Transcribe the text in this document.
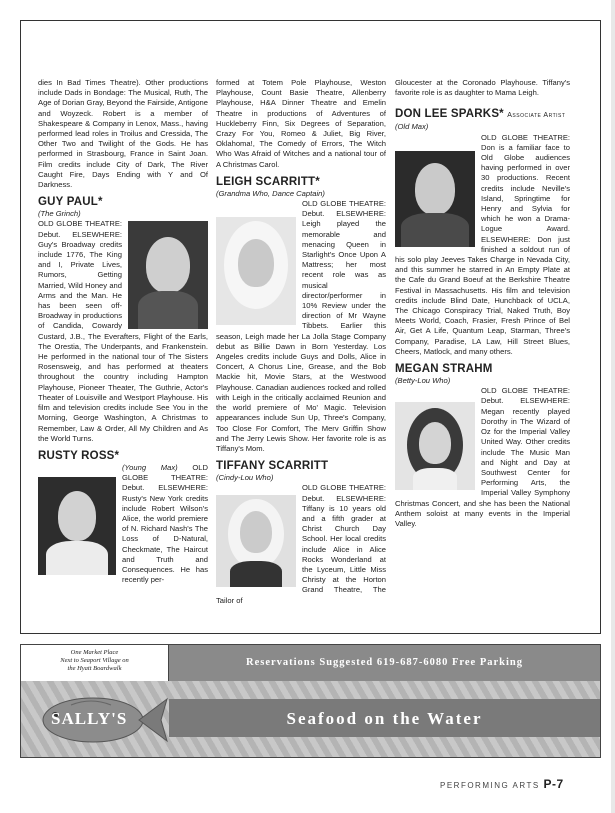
dies In Bad Times Theatre). Other productions include Dads in Bondage: The Musical, Ruth, The Age of Dorian Gray, Beyond the Fairside, Antigone and Woyzeck. Robert is a member of Shakespeare & Company in Lenox, Mass., having performed lead roles in Troilus and Cressida, The Other Two and Twilight of the Gods. He has performed in Strasbourg, France in Saint Joan. Film credits include City of Dark, The River Caught Fire, Days Ending with Y and Of Darkness.

GUY PAUL*
(The Grinch)

OLD GLOBE THEATRE: Debut. ELSEWHERE: Guy's Broadway credits include 1776, The King and I, Private Lives, Rumors, Getting Married, Wild Honey and Arms and the Man. He has been seen off-Broadway in productions of Candida, Cowardy Custard, J.B., The Everafters, Flight of the Earls, The Orestia, The Underpants, and Frankenstein. He performed in the national tour of The Sisters Rosensweig, and has performed at theaters throughout the country including Hampton Playhouse, Pioneer Theater, The Guthrie, Actor's Theater of Louisville and Westport Playhouse. His film and television credits include See You in the Morning, George Washington, A Christmas to Remember, Law & Order, All My Children and As the World Turns.

RUSTY ROSS*

(Young Max) OLD GLOBE THEATRE: Debut. ELSEWHERE: Rusty's New York credits include Robert Wilson's Alice, the world premiere of N. Richard Nash's The Loss of D-Natural, Checkmate, The Haircut and Truth and Consequences. He has recently per-

formed at Totem Pole Playhouse, Weston Playhouse, Count Basie Theatre, Allenberry Playhouse, H&A Dinner Theatre and Emelin Theatre in productions of Adventures of Huckleberry Finn, Six Degrees of Separation, Crazy For You, Romeo & Juliet, Big River, Oklahoma!, The Comedy of Errors, The Witch Who Was Afraid of Witches and a national tour of A Christmas Carol.

LEIGH SCARRITT*
(Grandma Who, Dance Captain)

OLD GLOBE THEATRE: Debut. ELSEWHERE: Leigh played the memorable and menacing Queen in Starlight's Once Upon A Mattress; her most recent role was as musical director/performer in 10% Review under the direction of Mr Wayne Tibbets. Earlier this season, Leigh made her La Jolla Stage Company debut as Billie Dawn in Born Yesterday. Los Angeles credits include Guys and Dolls, Alice in Concert, A Chorus Line, Grease, and the Bob Mackie hit, Movie Stars, at the Westwood Playhouse. Canadian audiences rocked and rolled with Leigh in the critically acclaimed Reunion and the world premiere of Mo' Magic. Television appearances include Sun Up, Three's Company, Too Close For Comfort, The Merv Griffin Show and The Jerry Lewis Show. Her favorite role is as Tiffany's Mom.

TIFFANY SCARRITT
(Cindy-Lou Who)

OLD GLOBE THEATRE: Debut. ELSEWHERE: Tiffany is 10 years old and a fifth grader at Christ Church Day School. Her local credits include Alice in Alice Rocks Wonderland at the Lyceum, Little Miss Christy at the Horton Grand Theatre, The Tailor of

Gloucester at the Coronado Playhouse. Tiffany's favorite role is as daughter to Mama Leigh.

DON LEE SPARKS* Associate Artist
(Old Max)

OLD GLOBE THEATRE: Don is a familiar face to Old Globe audiences having performed in over 30 productions. Recent credits include Neville's Island, Springtime for Henry and Sylvia for which he won a Drama-Logue Award. ELSEWHERE: Don just finished a soldout run of his solo play Jeeves Takes Charge in Nevada City, and this summer he starred in An Empty Plate at the Cafe du Grand Boeuf at the Berkshire Theatre Festival in Massachusetts. His film and television credits include Blind Date, Hunchback of UCLA, The Chicago Conspiracy Trial, Naked Truth, Boy Meets World, Coach, Frasier, Fresh Prince of Bel Air, Get A Life, Quantum Leap, Starman, Three's Company, Paradise, LA Law, Hill Street Blues, Cheers, Matlock, and many others.

MEGAN STRAHM
(Betty-Lou Who)

OLD GLOBE THEATRE: Debut. ELSEWHERE: Megan recently played Dorothy in The Wizard of Oz for the Imperial Valley United Way. Other credits include The Music Man and Night and Day at Southwest Center for Performing Arts, the Imperial Valley Symphony Christmas Concert, and she has been the National Anthem soloist at many events in the Imperial Valley.

One Market Place
Next to Seaport Village on
the Hyatt Boardwalk
Reservations Suggested 619-687-6080 Free Parking
SALLY'S	Seafood on the Water
PERFORMING ARTS P-7
